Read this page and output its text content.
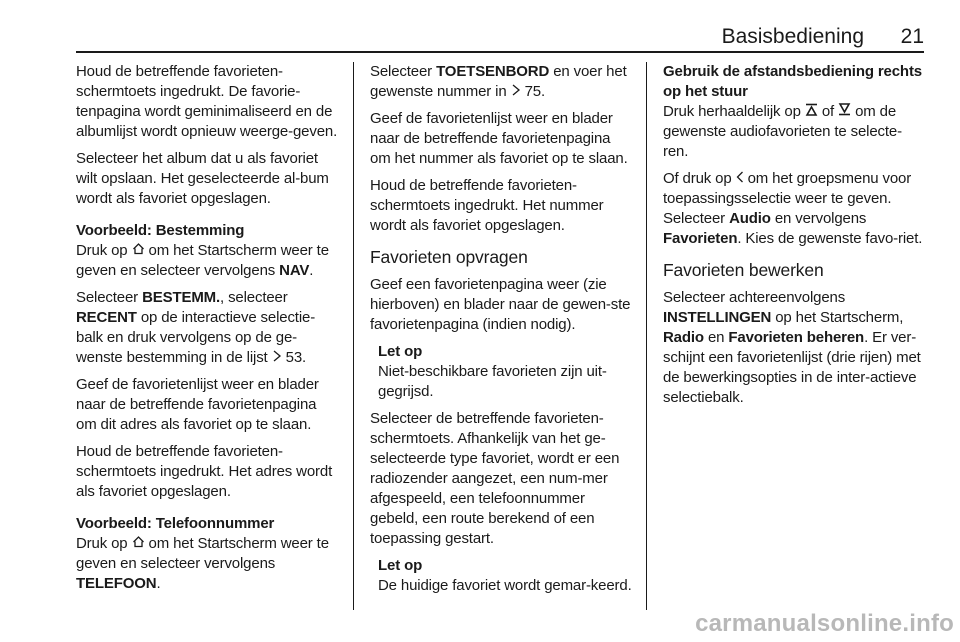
Basisbediening 21

Houd de betreffende favorieten-schermtoets ingedrukt. De favorie-tenpagina wordt geminimaliseerd en de albumlijst wordt opnieuw weerge-geven.

Selecteer het album dat u als favoriet wilt opslaan. Het geselecteerde al-bum wordt als favoriet opgeslagen.

Voorbeeld: Bestemming

Druk op om het Startscherm weer te geven en selecteer vervolgens NAV.

Selecteer BESTEMM., selecteer RECENT op de interactieve selectie-balk en druk vervolgens op de ge-wenste bestemming in de lijst 53.

Geef de favorietenlijst weer en blader naar de betreffende favorietenpagina om dit adres als favoriet op te slaan.

Houd de betreffende favorieten-schermtoets ingedrukt. Het adres wordt als favoriet opgeslagen.

Voorbeeld: Telefoonnummer

Druk op om het Startscherm weer te geven en selecteer vervolgens TELEFOON.

Selecteer TOETSENBORD en voer het gewenste nummer in 75.

Geef de favorietenlijst weer en blader naar de betreffende favorietenpagina om het nummer als favoriet op te slaan.

Houd de betreffende favorieten-schermtoets ingedrukt. Het nummer wordt als favoriet opgeslagen.

Favorieten opvragen

Geef een favorietenpagina weer (zie hierboven) en blader naar de gewen-ste favorietenpagina (indien nodig).

Let op
Niet-beschikbare favorieten zijn uit-gegrijsd.

Selecteer de betreffende favorieten-schermtoets. Afhankelijk van het ge-selecteerde type favoriet, wordt er een radiozender aangezet, een num-mer afgespeeld, een telefoonnummer gebeld, een route berekend of een toepassing gestart.

Let op
De huidige favoriet wordt gemar-keerd.

Gebruik de afstandsbediening rechts op het stuur

Druk herhaaldelijk op of om de gewenste audiofavorieten te selecte-ren.

Of druk op om het groepsmenu voor toepassingsselectie weer te geven. Selecteer Audio en vervolgens Favorieten. Kies de gewenste favo-riet.

Favorieten bewerken

Selecteer achtereenvolgens INSTELLINGEN op het Startscherm, Radio en Favorieten beheren. Er ver-schijnt een favorietenlijst (drie rijen) met de bewerkingsopties in de inter-actieve selectiebalk.

carmanualsonline.info
